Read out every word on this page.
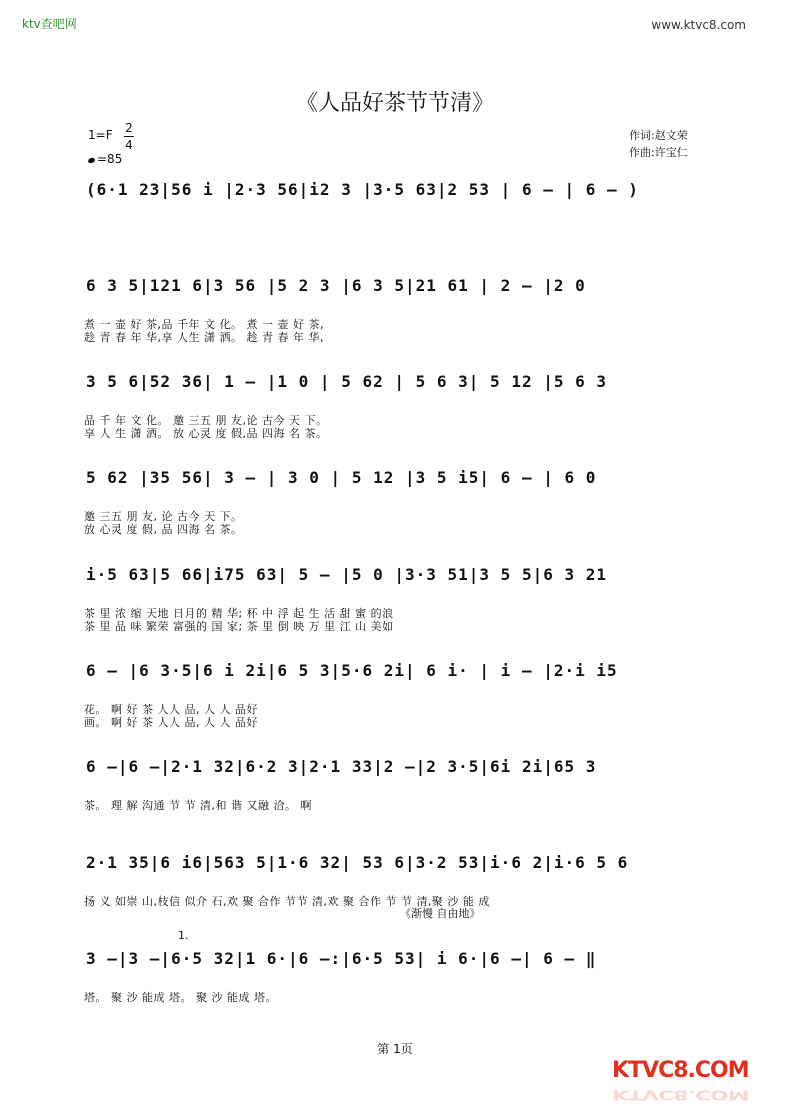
ktv查吧网	www.ktvc8.com
《人品好茶节节清》
1=F 2
4
=85
作词:赵文荣
作曲:许宝仁
(6·1 23|56 i |2·3 56|i2 3 |3·5 63|2 53 | 6 – | 6 – )
6 3 5|121 6|3 56 |5 2 3 |6 3 5|21 61 | 2 – |2 0
煮 一 壶 好 茶,品 千年 文 化。 煮 一 壶 好 茶,
趁 青 春 年 华,享 人生 潇 洒。 趁 青 春 年 华,
3 5 6|52 36| 1 – |1 0 | 5 62 | 5 6 3| 5 12 |5 6 3
品 千 年 文 化。 邀 三五 朋 友,论 古今 天 下。
享 人 生 潇 洒。 放 心灵 度 假,品 四海 名 茶。
5 62 |35 56| 3 – | 3 0 | 5 12 |3 5 i5| 6 – | 6 0
邀 三五 朋 友, 论 古今 天 下。
放 心灵 度 假, 品 四海 名 茶。
i·5 63|5 66|i75 63| 5 – |5 0 |3·3 51|3 5 5|6 3 21
茶 里 浓 缩 天地 日月的 精 华; 杯 中 浮 起 生 活 甜 蜜 的浪
茶 里 品 味 繁荣 富强的 国 家; 茶 里 倒 映 万 里 江 山 美如
6 – |6 3·5|6 i 2i|6 5 3|5·6 2i| 6 i· | i – |2·i i5
花。 啊 好 茶 人人 品, 人 人 品好
画。 啊 好 茶 人人 品, 人 人 品好
6 –|6 –|2·1 32|6·2 3|2·1 33|2 –|2 3·5|6i 2i|65 3
茶。 理 解 沟通 节 节 清,和 谐 又融 洽。 啊
2·1 35|6 i6|563 5|1·6 32| 53 6|3·2 53|i·6 2|i·6 5 6
扬 义 如崇 山,枝信 似介 石,欢 聚 合作 节节 清,欢 聚 合作 节 节 清,聚 沙 能 成
《渐慢 自由地》
1.
3 –|3 –|6·5 32|1 6·|6 –:|6·5 53| i 6·|6 –| 6 – ‖
塔。 聚 沙 能成 塔。 聚 沙 能成 塔。
第 1页
KTVC8.COM
KTVC8.COM
